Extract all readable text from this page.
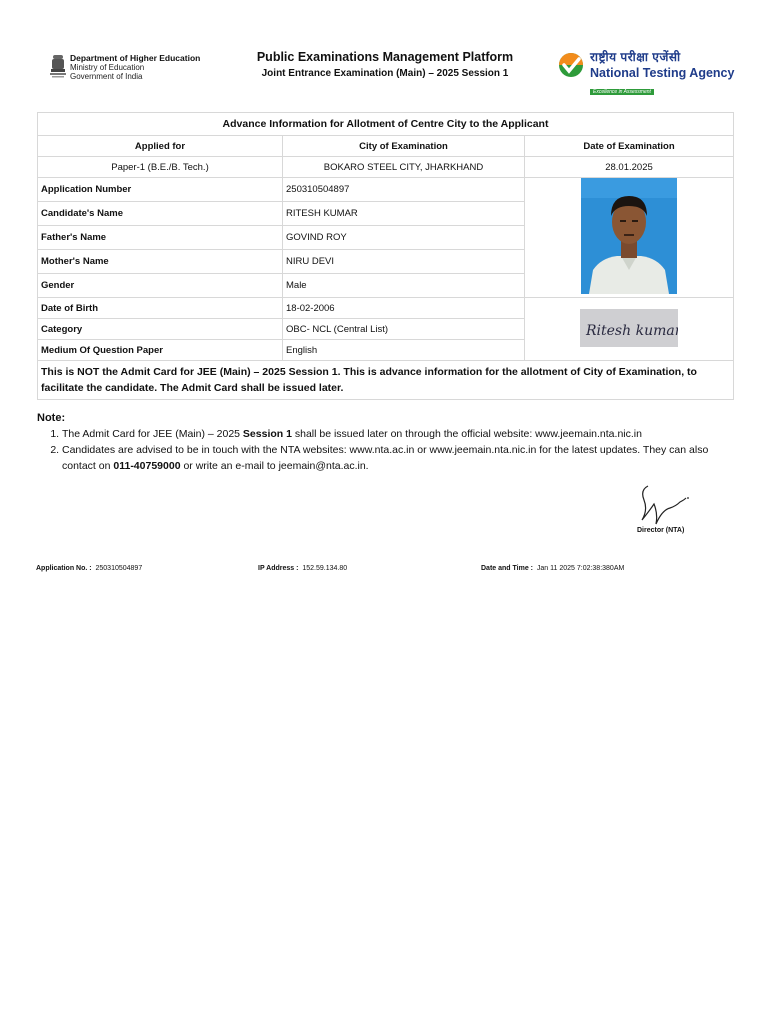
Department of Higher Education
Ministry of Education
Government of India
Public Examinations Management Platform
Joint Entrance Examination (Main) – 2025 Session 1
राष्ट्रीय परीक्षा एजेंसी
National Testing Agency
Excellence in Assessment
Advance Information for Allotment of Centre City to the Applicant		
Applied for	City of Examination	Date of Examination
Paper-1 (B.E./B. Tech.)	BOKARO STEEL CITY, JHARKHAND	28.01.2025
Application Number	250310504897	
Candidate's Name	RITESH KUMAR	
Father's Name	GOVIND ROY	
Mother's Name	NIRU DEVI	
Gender	Male	
Date of Birth	18-02-2006	Ritesh kumar

Category	OBC- NCL (Central List)	
Medium Of Question Paper	English	
This is NOT the Admit Card for JEE (Main) – 2025 Session 1. This is advance information for the allotment of City of Examination, to facilitate the candidate. The Admit Card shall be issued later.		
Note:
1. The Admit Card for JEE (Main) – 2025 Session 1 shall be issued later on through the official website: www.jeemain.nta.nic.in
2. Candidates are advised to be in touch with the NTA websites: www.nta.ac.in or www.jeemain.nta.nic.in for the latest updates. They can also contact on 011-40759000 or write an e-mail to jeemain@nta.ac.in.
Director (NTA)
Application No. : 250310504897	IP Address : 152.59.134.80	Date and Time : Jan 11 2025 7:02:38:380AM
